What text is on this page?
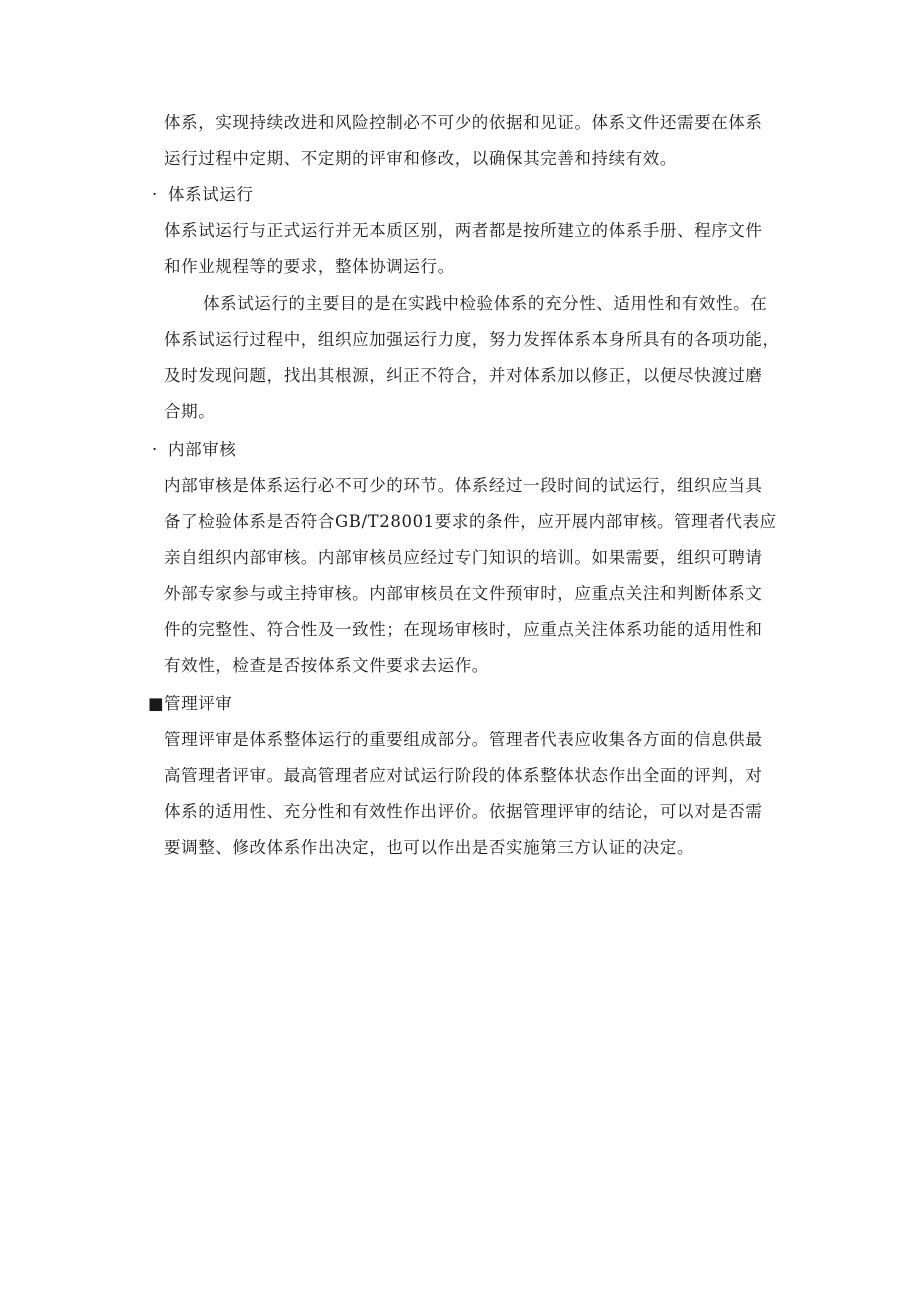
体系，实现持续改进和风险控制必不可少的依据和见证。体系文件还需要在体系
运行过程中定期、不定期的评审和修改，以确保其完善和持续有效。
· 体系试运行
体系试运行与正式运行并无本质区别，两者都是按所建立的体系手册、程序文件
和作业规程等的要求，整体协调运行。
体系试运行的主要目的是在实践中检验体系的充分性、适用性和有效性。在
体系试运行过程中，组织应加强运行力度，努力发挥体系本身所具有的各项功能，
及时发现问题，找出其根源，纠正不符合，并对体系加以修正，以便尽快渡过磨
合期。
· 内部审核
内部审核是体系运行必不可少的环节。体系经过一段时间的试运行，组织应当具
备了检验体系是否符合GB/T28001要求的条件，应开展内部审核。管理者代表应
亲自组织内部审核。内部审核员应经过专门知识的培训。如果需要，组织可聘请
外部专家参与或主持审核。内部审核员在文件预审时，应重点关注和判断体系文
件的完整性、符合性及一致性；在现场审核时，应重点关注体系功能的适用性和
有效性，检查是否按体系文件要求去运作。
■管理评审
管理评审是体系整体运行的重要组成部分。管理者代表应收集各方面的信息供最
高管理者评审。最高管理者应对试运行阶段的体系整体状态作出全面的评判，对
体系的适用性、充分性和有效性作出评价。依据管理评审的结论，可以对是否需
要调整、修改体系作出决定，也可以作出是否实施第三方认证的决定。
